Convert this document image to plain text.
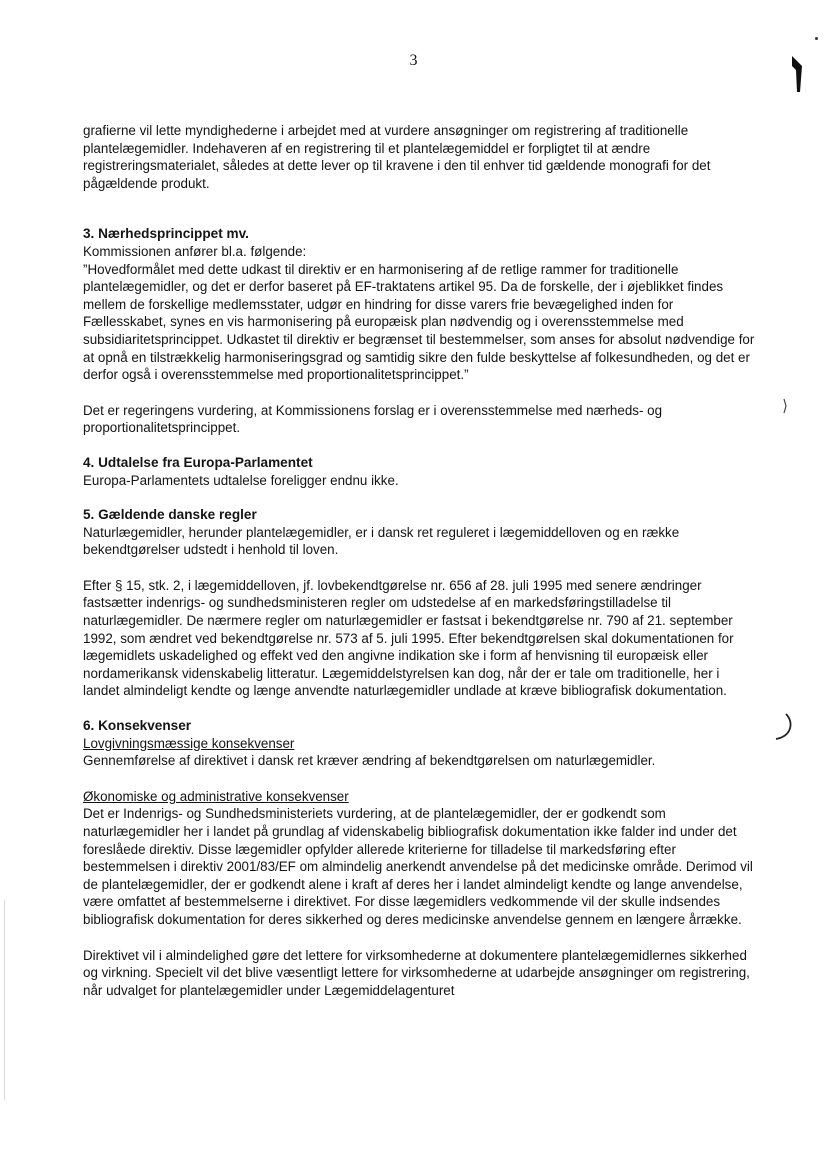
3

grafierne vil lette myndighederne i arbejdet med at vurdere ansøgninger om registrering af traditionelle plantelægemidler. Indehaveren af en registrering til et plantelægemiddel er forpligtet til at ændre registreringsmaterialet, således at dette lever op til kravene i den til enhver tid gældende monografi for det pågældende produkt.

3. Nærhedsprincippet mv.

Kommissionen anfører bl.a. følgende:

”Hovedformålet med dette udkast til direktiv er en harmonisering af de retlige rammer for traditionelle plantelægemidler, og det er derfor baseret på EF-traktatens artikel 95. Da de forskelle, der i øjeblikket findes mellem de forskellige medlemsstater, udgør en hindring for disse varers frie bevægelighed inden for Fællesskabet, synes en vis harmonisering på europæisk plan nødvendig og i overensstemmelse med subsidiaritetsprincippet. Udkastet til direktiv er begrænset til bestemmelser, som anses for absolut nødvendige for at opnå en tilstrækkelig harmoniseringsgrad og samtidig sikre den fulde beskyttelse af folkesundheden, og det er derfor også i overensstemmelse med proportionalitetsprincippet.”

Det er regeringens vurdering, at Kommissionens forslag er i overensstemmelse med nærheds- og proportionalitetsprincippet.

4. Udtalelse fra Europa-Parlamentet

Europa-Parlamentets udtalelse foreligger endnu ikke.

5. Gældende danske regler

Naturlægemidler, herunder plantelægemidler, er i dansk ret reguleret i lægemiddelloven og en række bekendtgørelser udstedt i henhold til loven.

Efter § 15, stk. 2, i lægemiddelloven, jf. lovbekendtgørelse nr. 656 af 28. juli 1995 med senere ændringer fastsætter indenrigs- og sundhedsministeren regler om udstedelse af en markedsføringstilladelse til naturlægemidler. De nærmere regler om naturlægemidler er fastsat i bekendtgørelse nr. 790 af 21. september 1992, som ændret ved bekendtgørelse nr. 573 af 5. juli 1995. Efter bekendtgørelsen skal dokumentationen for lægemidlets uskadelighed og effekt ved den angivne indikation ske i form af henvisning til europæisk eller nordamerikansk videnskabelig litteratur. Lægemiddelstyrelsen kan dog, når der er tale om traditionelle, her i landet almindeligt kendte og længe anvendte naturlægemidler undlade at kræve bibliografisk dokumentation.

6. Konsekvenser

Lovgivningsmæssige konsekvenser

Gennemførelse af direktivet i dansk ret kræver ændring af bekendtgørelsen om naturlægemidler.

Økonomiske og administrative konsekvenser

Det er Indenrigs- og Sundhedsministeriets vurdering, at de plantelægemidler, der er godkendt som naturlægemidler her i landet på grundlag af videnskabelig bibliografisk dokumentation ikke falder ind under det foreslåede direktiv. Disse lægemidler opfylder allerede kriterierne for tilladelse til markedsføring efter bestemmelsen i direktiv 2001/83/EF om almindelig anerkendt anvendelse på det medicinske område. Derimod vil de plantelægemidler, der er godkendt alene i kraft af deres her i landet almindeligt kendte og lange anvendelse, være omfattet af bestemmelserne i direktivet. For disse lægemidlers vedkommende vil der skulle indsendes bibliografisk dokumentation for deres sikkerhed og deres medicinske anvendelse gennem en længere årrække.

Direktivet vil i almindelighed gøre det lettere for virksomhederne at dokumentere plantelægemidlernes sikkerhed og virkning. Specielt vil det blive væsentligt lettere for virksomhederne at udarbejde ansøgninger om registrering, når udvalget for plantelægemidler under Lægemiddelagenturet
